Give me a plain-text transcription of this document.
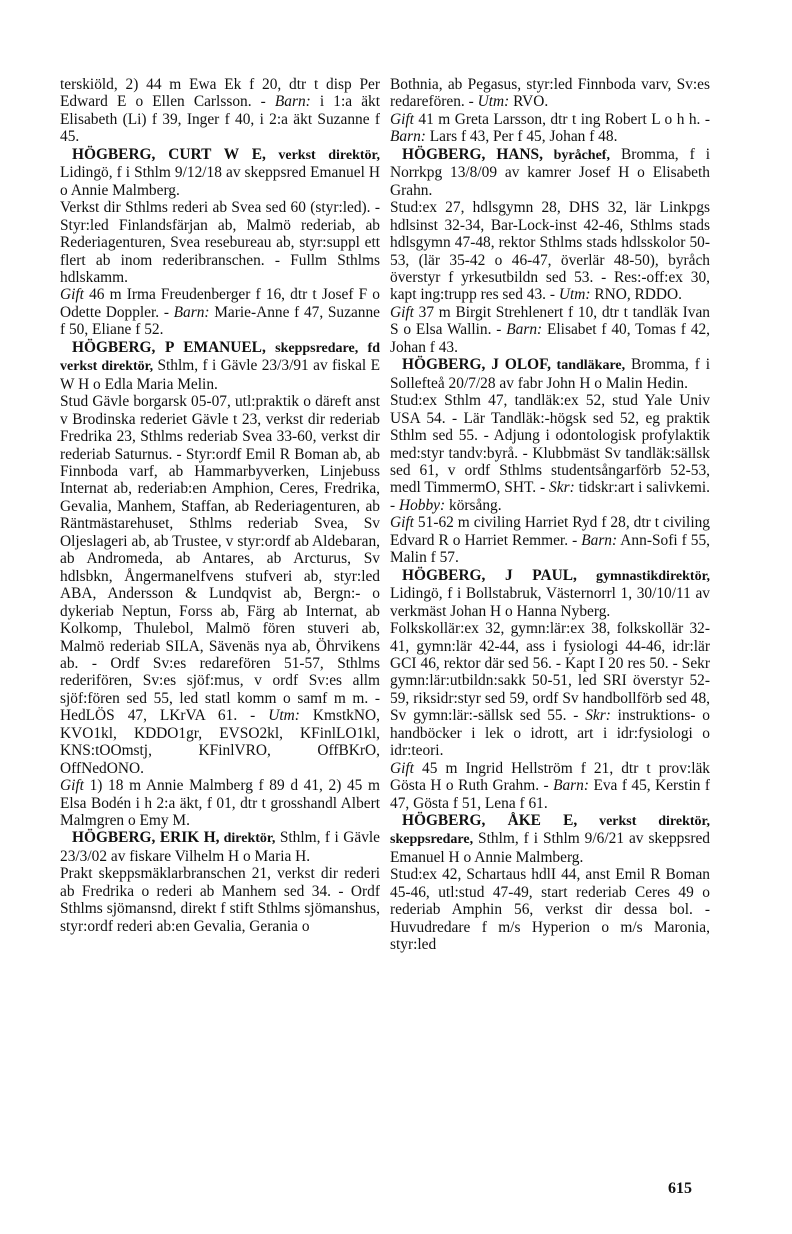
terskiöld, 2) 44 m Ewa Ek f 20, dtr t disp Per Edward E o Ellen Carlsson. - Barn: i 1:a äkt Elisabeth (Li) f 39, Inger f 40, i 2:a äkt Suzanne f 45.

HÖGBERG, CURT W E, verkst direktör, Lidingö, f i Sthlm 9/12/18 av skeppsred Emanuel H o Annie Malmberg.

Verkst dir Sthlms rederi ab Svea sed 60 (styr:led). - Styr:led Finlandsfärjan ab, Malmö rederiab, ab Rederiagenturen, Svea resebureau ab, styr:suppl ett flert ab inom rederibranschen. - Fullm Sthlms hdlskamm.

Gift 46 m Irma Freudenberger f 16, dtr t Josef F o Odette Doppler. - Barn: Marie-Anne f 47, Suzanne f 50, Eliane f 52.

HÖGBERG, P EMANUEL, skeppsredare, fd verkst direktör, Sthlm, f i Gävle 23/3/91 av fiskal E W H o Edla Maria Melin.

Stud Gävle borgarsk 05-07, utl:praktik o däreft anst v Brodinska rederiet Gävle t 23, verkst dir rederiab Fredrika 23, Sthlms rederiab Svea 33-60, verkst dir rederiab Saturnus. - Styr:ordf Emil R Boman ab, ab Finnboda varf, ab Hammarbyverken, Linjebuss Internat ab, rederiab:en Amphion, Ceres, Fredrika, Gevalia, Manhem, Staffan, ab Rederiagenturen, ab Räntmästarehuset, Sthlms rederiab Svea, Sv Oljeslageri ab, ab Trustee, v styr:ordf ab Aldebaran, ab Andromeda, ab Antares, ab Arcturus, Sv hdlsbkn, Ångermanelfvens stufveri ab, styr:led ABA, Andersson & Lundqvist ab, Bergn:- o dykeriab Neptun, Forss ab, Färg ab Internat, ab Kolkomp, Thulebol, Malmö fören stuveri ab, Malmö rederiab SILA, Sävenäs nya ab, Öhrvikens ab. - Ordf Sv:es redarefören 51-57, Sthlms rederifören, Sv:es sjöf:mus, v ordf Sv:es allm sjöf:fören sed 55, led statl komm o samf m m. - HedLÖS 47, LKrVA 61. - Utm: KmstkNO, KVO1kl, KDDO1gr, EVSO2kl, KFinlLO1kl, KNS:tOOmstj, KFinlVRO, OffBKrO, OffNedONO.

Gift 1) 18 m Annie Malmberg f 89 d 41, 2) 45 m Elsa Bodén i h 2:a äkt, f 01, dtr t grosshandl Albert Malmgren o Emy M.

HÖGBERG, ERIK H, direktör, Sthlm, f i Gävle 23/3/02 av fiskare Vilhelm H o Maria H.

Prakt skeppsmäklarbranschen 21, verkst dir rederi ab Fredrika o rederi ab Manhem sed 34. - Ordf Sthlms sjömansnd, direkt f stift Sthlms sjömanshus, styr:ordf rederi ab:en Gevalia, Gerania o

Bothnia, ab Pegasus, styr:led Finnboda varv, Sv:es redarefören. - Utm: RVO.

Gift 41 m Greta Larsson, dtr t ing Robert L o h h. - Barn: Lars f 43, Per f 45, Johan f 48.

HÖGBERG, HANS, byråchef, Bromma, f i Norrkpg 13/8/09 av kamrer Josef H o Elisabeth Grahn.

Stud:ex 27, hdlsgymn 28, DHS 32, lär Linkpgs hdlsinst 32-34, Bar-Lock-inst 42-46, Sthlms stads hdlsgymn 47-48, rektor Sthlms stads hdlsskolor 50-53, (lär 35-42 o 46-47, överlär 48-50), byråch överstyr f yrkesutbildn sed 53. - Res:-off:ex 30, kapt ing:trupp res sed 43. - Utm: RNO, RDDO.

Gift 37 m Birgit Strehlenert f 10, dtr t tandläk Ivan S o Elsa Wallin. - Barn: Elisabet f 40, Tomas f 42, Johan f 43.

HÖGBERG, J OLOF, tandläkare, Bromma, f i Sollefteå 20/7/28 av fabr John H o Malin Hedin.

Stud:ex Sthlm 47, tandläk:ex 52, stud Yale Univ USA 54. - Lär Tandläk:-högsk sed 52, eg praktik Sthlm sed 55. - Adjung i odontologisk profylaktik med:styr tandv:byrå. - Klubbmäst Sv tandläk:sällsk sed 61, v ordf Sthlms studentsångarförb 52-53, medl TimmermO, SHT. - Skr: tidskr:art i salivkemi. - Hobby: körsång.

Gift 51-62 m civiling Harriet Ryd f 28, dtr t civiling Edvard R o Harriet Remmer. - Barn: Ann-Sofi f 55, Malin f 57.

HÖGBERG, J PAUL, gymnastikdirektör, Lidingö, f i Bollstabruk, Västernorrl 1, 30/10/11 av verkmäst Johan H o Hanna Nyberg.

Folkskollär:ex 32, gymn:lär:ex 38, folkskollär 32-41, gymn:lär 42-44, ass i fysiologi 44-46, idr:lär GCI 46, rektor där sed 56. - Kapt I 20 res 50. - Sekr gymn:lär:utbildn:sakk 50-51, led SRI överstyr 52-59, riksidr:styr sed 59, ordf Sv handbollförb sed 48, Sv gymn:lär:-sällsk sed 55. - Skr: instruktions- o handböcker i lek o idrott, art i idr:fysiologi o idr:teori.

Gift 45 m Ingrid Hellström f 21, dtr t prov:läk Gösta H o Ruth Grahm. - Barn: Eva f 45, Kerstin f 47, Gösta f 51, Lena f 61.

HÖGBERG, ÅKE E, verkst direktör, skeppsredare, Sthlm, f i Sthlm 9/6/21 av skeppsred Emanuel H o Annie Malmberg.

Stud:ex 42, Schartaus hdlI 44, anst Emil R Boman 45-46, utl:stud 47-49, start rederiab Ceres 49 o rederiab Amphin 56, verkst dir dessa bol. - Huvudredare f m/s Hyperion o m/s Maronia, styr:led

615
